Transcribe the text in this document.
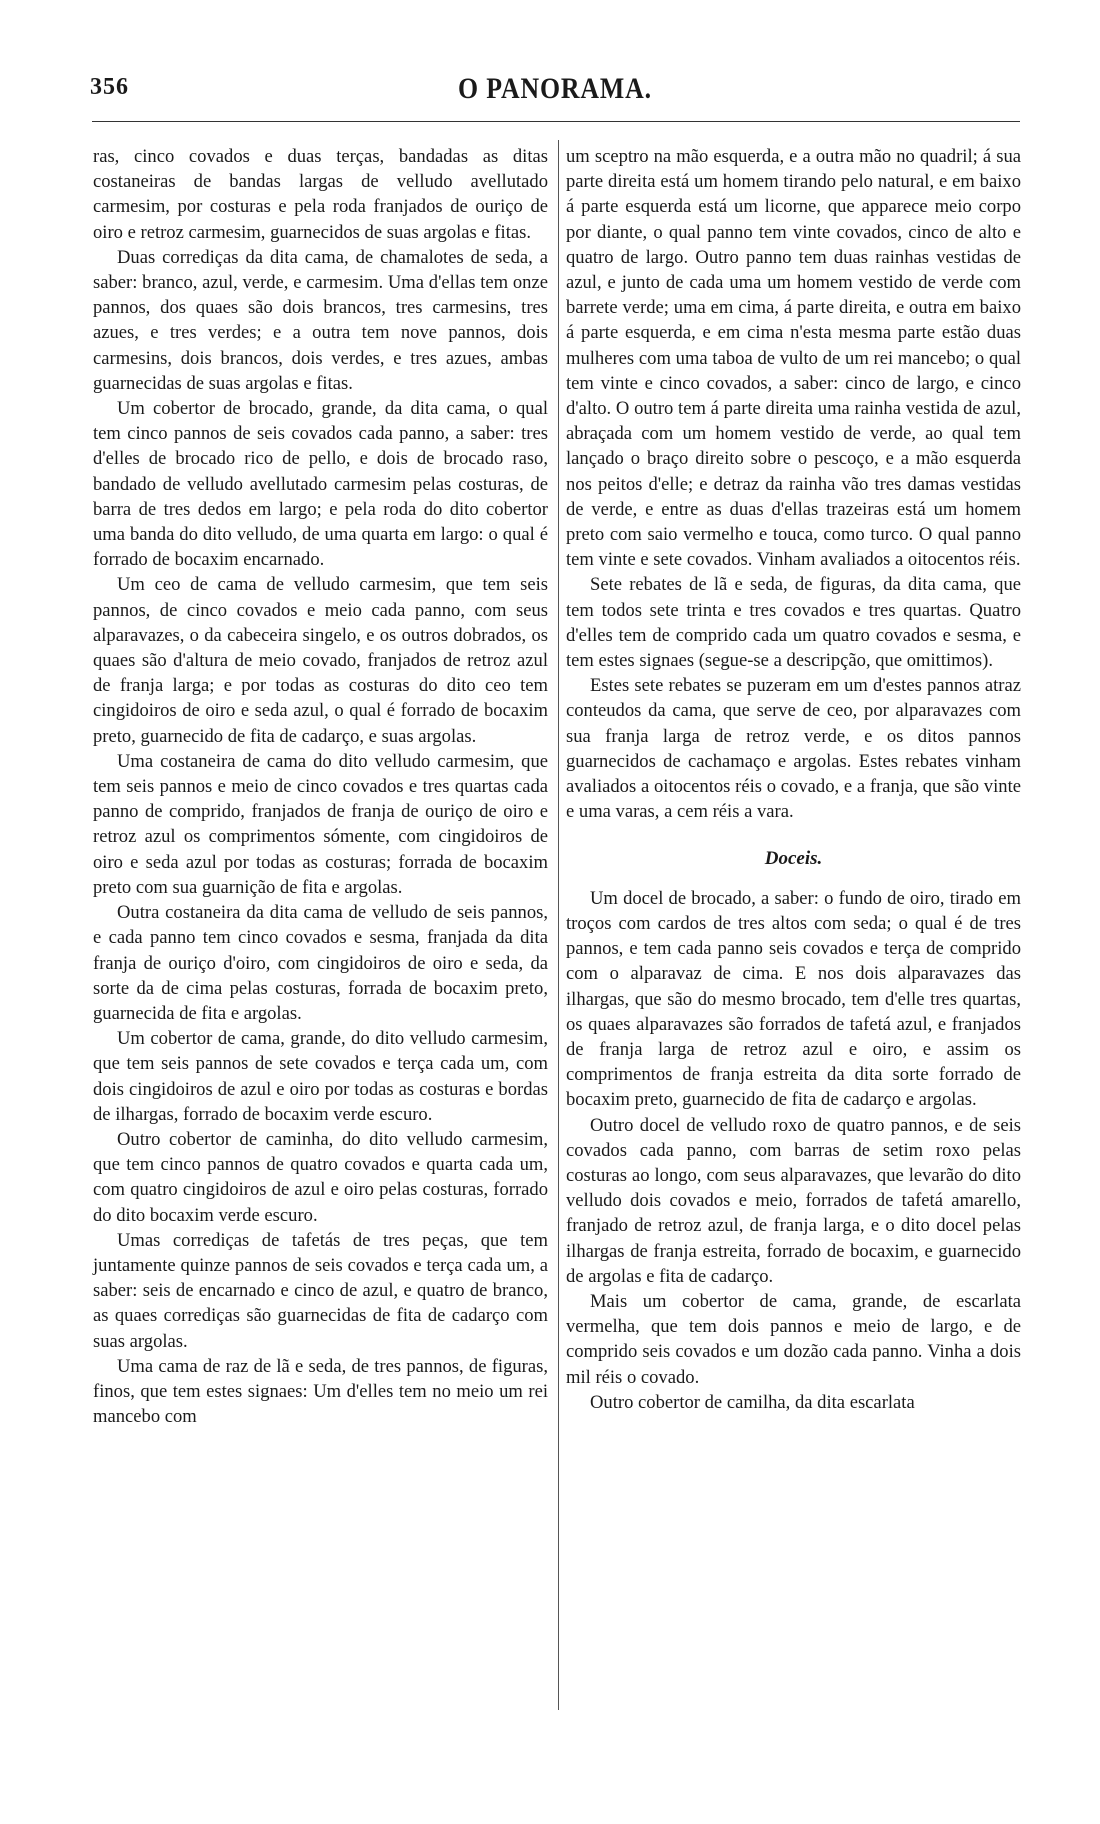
356	O PANORAMA.

ras, cinco covados e duas terças, bandadas as ditas costaneiras de bandas largas de velludo avellutado carmesim, por costuras e pela roda franjados de ouriço de oiro e retroz carmesim, guarnecidos de suas argolas e fitas.

Duas corrediças da dita cama, de chamalotes de seda, a saber: branco, azul, verde, e carmesim. Uma d'ellas tem onze pannos, dos quaes são dois brancos, tres carmesins, tres azues, e tres verdes; e a outra tem nove pannos, dois carmesins, dois brancos, dois verdes, e tres azues, ambas guarnecidas de suas argolas e fitas.

Um cobertor de brocado, grande, da dita cama, o qual tem cinco pannos de seis covados cada panno, a saber: tres d'elles de brocado rico de pello, e dois de brocado raso, bandado de velludo avellutado carmesim pelas costuras, de barra de tres dedos em largo; e pela roda do dito cobertor uma banda do dito velludo, de uma quarta em largo: o qual é forrado de bocaxim encarnado.

Um ceo de cama de velludo carmesim, que tem seis pannos, de cinco covados e meio cada panno, com seus alparavazes, o da cabeceira singelo, e os outros dobrados, os quaes são d'altura de meio covado, franjados de retroz azul de franja larga; e por todas as costuras do dito ceo tem cingidoiros de oiro e seda azul, o qual é forrado de bocaxim preto, guarnecido de fita de cadarço, e suas argolas.

Uma costaneira de cama do dito velludo carmesim, que tem seis pannos e meio de cinco covados e tres quartas cada panno de comprido, franjados de franja de ouriço de oiro e retroz azul os comprimentos sómente, com cingidoiros de oiro e seda azul por todas as costuras; forrada de bocaxim preto com sua guarnição de fita e argolas.

Outra costaneira da dita cama de velludo de seis pannos, e cada panno tem cinco covados e sesma, franjada da dita franja de ouriço d'oiro, com cingidoiros de oiro e seda, da sorte da de cima pelas costuras, forrada de bocaxim preto, guarnecida de fita e argolas.

Um cobertor de cama, grande, do dito velludo carmesim, que tem seis pannos de sete covados e terça cada um, com dois cingidoiros de azul e oiro por todas as costuras e bordas de ilhargas, forrado de bocaxim verde escuro.

Outro cobertor de caminha, do dito velludo carmesim, que tem cinco pannos de quatro covados e quarta cada um, com quatro cingidoiros de azul e oiro pelas costuras, forrado do dito bocaxim verde escuro.

Umas corrediças de tafetás de tres peças, que tem juntamente quinze pannos de seis covados e terça cada um, a saber: seis de encarnado e cinco de azul, e quatro de branco, as quaes corrediças são guarnecidas de fita de cadarço com suas argolas.

Uma cama de raz de lã e seda, de tres pannos, de figuras, finos, que tem estes signaes: Um d'elles tem no meio um rei mancebo com

um sceptro na mão esquerda, e a outra mão no quadril; á sua parte direita está um homem tirando pelo natural, e em baixo á parte esquerda está um licorne, que apparece meio corpo por diante, o qual panno tem vinte covados, cinco de alto e quatro de largo. Outro panno tem duas rainhas vestidas de azul, e junto de cada uma um homem vestido de verde com barrete verde; uma em cima, á parte direita, e outra em baixo á parte esquerda, e em cima n'esta mesma parte estão duas mulheres com uma taboa de vulto de um rei mancebo; o qual tem vinte e cinco covados, a saber: cinco de largo, e cinco d'alto. O outro tem á parte direita uma rainha vestida de azul, abraçada com um homem vestido de verde, ao qual tem lançado o braço direito sobre o pescoço, e a mão esquerda nos peitos d'elle; e detraz da rainha vão tres damas vestidas de verde, e entre as duas d'ellas trazeiras está um homem preto com saio vermelho e touca, como turco. O qual panno tem vinte e sete covados. Vinham avaliados a oitocentos réis.

Sete rebates de lã e seda, de figuras, da dita cama, que tem todos sete trinta e tres covados e tres quartas. Quatro d'elles tem de comprido cada um quatro covados e sesma, e tem estes signaes (segue-se a descripção, que omittimos).

Estes sete rebates se puzeram em um d'estes pannos atraz conteudos da cama, que serve de ceo, por alparavazes com sua franja larga de retroz verde, e os ditos pannos guarnecidos de cachamaço e argolas. Estes rebates vinham avaliados a oitocentos réis o covado, e a franja, que são vinte e uma varas, a cem réis a vara.

Doceis.

Um docel de brocado, a saber: o fundo de oiro, tirado em troços com cardos de tres altos com seda; o qual é de tres pannos, e tem cada panno seis covados e terça de comprido com o alparavaz de cima. E nos dois alparavazes das ilhargas, que são do mesmo brocado, tem d'elle tres quartas, os quaes alparavazes são forrados de tafetá azul, e franjados de franja larga de retroz azul e oiro, e assim os comprimentos de franja estreita da dita sorte forrado de bocaxim preto, guarnecido de fita de cadarço e argolas.

Outro docel de velludo roxo de quatro pannos, e de seis covados cada panno, com barras de setim roxo pelas costuras ao longo, com seus alparavazes, que levarão do dito velludo dois covados e meio, forrados de tafetá amarello, franjado de retroz azul, de franja larga, e o dito docel pelas ilhargas de franja estreita, forrado de bocaxim, e guarnecido de argolas e fita de cadarço.

Mais um cobertor de cama, grande, de escarlata vermelha, que tem dois pannos e meio de largo, e de comprido seis covados e um dozão cada panno. Vinha a dois mil réis o covado.

Outro cobertor de camilha, da dita escarlata
